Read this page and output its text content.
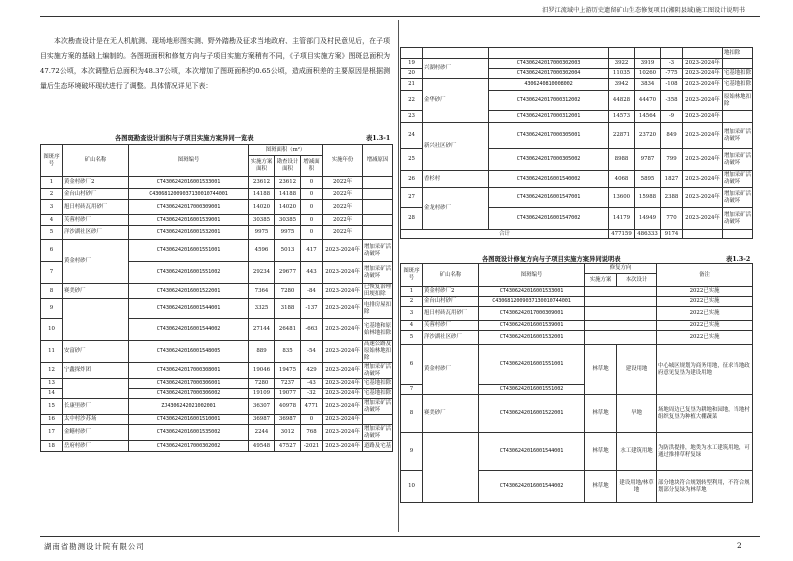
汨罗江流域中上游历史遗留矿山生态修复项目(湘阴县域)施工图设计说明书

本次勘查设计是在无人机航测、现场地形图实测、野外踏勘及征求当地政府、主管部门及村民意见后，在子项目实施方案的基础上编制的。各图斑面积和修复方向与子项目实施方案稍有不同，《子项目实施方案》图斑总面积为47.72公顷，本次调整后总面积为48.37公顷，本次增加了图斑面积约0.65公顷，造成面积差的主要原因是根据测量后生态环境破坏现状进行了调整。具体情况详见下表：

各图斑勘查设计面积与子项目实施方案异同一览表	表1.3-1
图斑序号	矿山名称	图斑编号	图斑面积（m²）			实施年份	增减原因
			实施方案面积	勘查设计面积	增减面积		
1	黄金村砂厂2	CT43062420160015330​01	23612	23612	0	2022年	
2	金台山村砂厂	C43068120090371300​10744001	14188	14188	0	2022年	
3	旭日村砖瓦用砂厂	CT43062420170003090​01	14020	14020	0	2022年	
4	芙蓉村砂厂	CT43062420160015390​01	30385	30385	0	2022年	
5	洋沙湖社区砂厂	CT43062420160015320​01	9975	9975	0	2022年	
6	黄金村砂厂	CT43062420160015510​01	4596	5013	417	2023-2024年	增加采矿活动破坏
7		CT43062420160015510​02	29234	29677	443	2023-2024年	增加采矿活动破坏
8	赛美砂厂	CT43062420160015220​01	7364	7280	-84	2023-2024年	已恢复治理田埂扣除
9		CT43062420160015440​01	3325	3188	-137	2023-2024年	电排房屋扣除
10		CT43062420160015440​02	27144	26481	-663	2023-2024年	宅基地和原始林地扣除
11	安富砂厂	CT43062420160015480​05	889	835	-54	2023-2024年	高速公路及原始林地扣除
12	宁鑫探炸团	CT43062420170003080​01	19046	19475	429	2023-2024年	增加采矿活动破坏
13		CT43062420170003060​01	7280	7237	-43	2023-2024年	宅基地扣除
14		CT43062420170003060​02	19109	19077	-32	2023-2024年	宅基地扣除
15	长康里砂厂	ZJ43062420210020​01	36307	40978	4771	2023-2024年	增加采矿活动破坏
16	太中村沙苏场	CT43062420160015100​01	36987	36987	0	2023-2024年	
17	金鳝村砂厂	CT43062420160015350​02	2244	3012	768	2023-2024年	增加采矿活动破坏
18	岳府村砂厂	CT43062420170003020​02	49548	47527	-2021	2023-2024年	道路及宅基
							地扣除
19	兴湖村砂厂	CT43062420170003020​03	3922	3919	-3	2023-2024年	
20		CT43062420170003020​04	11035	10260	-775	2023-2024年	宅基地扣除
21	金华砂厂	4306240810008002	3942	3834	-108	2023-2024年	宅基地扣除
22		CT43062420170003120​02	44828	44470	-358	2023-2024年	原始林地扣除
23		CT43062420170003120​01	14573	14564	-9	2023-2024年	
24	新兴社区砂厂	CT43062420170003050​01	22871	23720	849	2023-2024年	增加采矿活动破坏
25		CT43062420170003050​02	8988	9787	799	2023-2024年	增加采矿活动破坏
26	香杉村	CT43062420160015400​02	4068	5895	1827	2023-2024年	增加采矿活动破坏
27	金龙村砂厂	CT43062420160015470​01	13600	15988	2388	2023-2024年	增加采矿活动破坏
28		CT43062420160015470​02	14179	14949	770	2023-2024年	增加采矿活动破坏
合计			477159	486333	9174		
各图斑设计修复方向与子项目实施方案异同说明表	表1.3-2
图斑序号	矿山名称	图斑编号	修复方向		备注
			实施方案	本次设计	
1	黄金村砂厂2	CT43062420160015330​01			2022已实施
2	金台山村砂厂	C43068120090371300​10744001			2022已实施
3	旭日村砖瓦用砂厂	CT43062420170003090​01			2022已实施
4	芙蓉村砂厂	CT43062420160015390​01			2022已实施
5	洋沙湖社区砂厂	CT43062420160015320​01			2022已实施
6	黄金村砂厂	CT43062420160015510​01	林草地	建设用地	中心城区规划为商务用地，征求当地政府意见复垦为建设用地
7		CT43062420160015510​02			
8	赛美砂厂	CT43062420160015220​01	林草地	旱地	场地周边已复垦为耕地和园地，当地村组织复垦为种植大棚蔬菜
9		CT43062420160015440​01	林草地	水工建筑用地	为防洪提排，地类为水工建筑用地，可通过推排草籽复绿
10		CT43062420160015440​02	林草地	建设用地/林草地	部分地块符合规划转型利用，不符合规划部分复绿为林草地
湖南省勘测设计院有限公司	2
